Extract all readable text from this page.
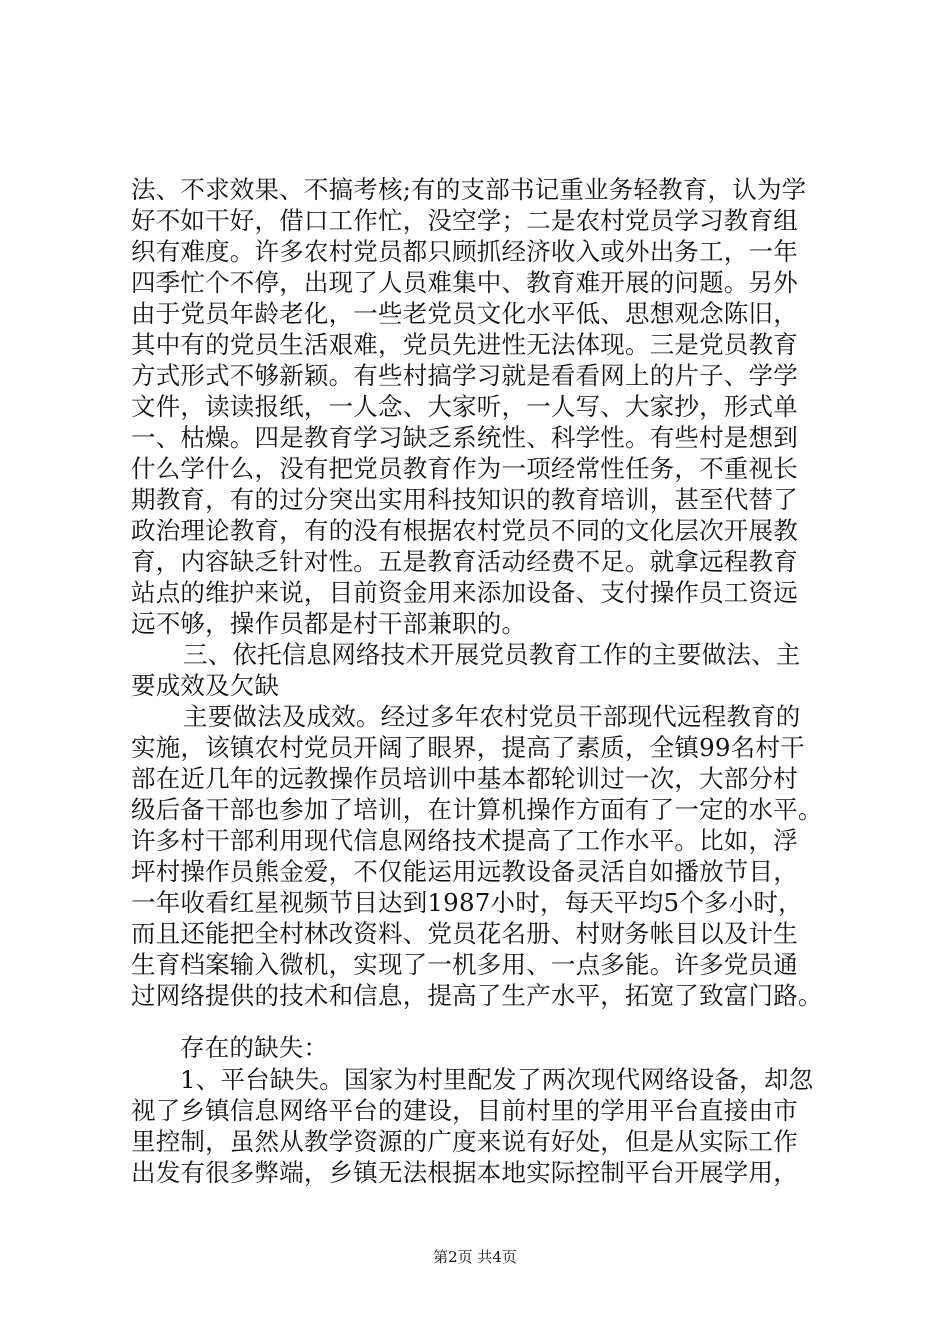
法、不求效果、不搞考核;有的支部书记重业务轻教育，认为学
好不如干好，借口工作忙，没空学；二是农村党员学习教育组
织有难度。许多农村党员都只顾抓经济收入或外出务工，一年
四季忙个不停，出现了人员难集中、教育难开展的问题。另外
由于党员年龄老化，一些老党员文化水平低、思想观念陈旧，
其中有的党员生活艰难，党员先进性无法体现。三是党员教育
方式形式不够新颖。有些村搞学习就是看看网上的片子、学学
文件，读读报纸，一人念、大家听，一人写、大家抄，形式单
一、枯燥。四是教育学习缺乏系统性、科学性。有些村是想到
什么学什么，没有把党员教育作为一项经常性任务，不重视长
期教育，有的过分突出实用科技知识的教育培训，甚至代替了
政治理论教育，有的没有根据农村党员不同的文化层次开展教
育，内容缺乏针对性。五是教育活动经费不足。就拿远程教育
站点的维护来说，目前资金用来添加设备、支付操作员工资远
远不够，操作员都是村干部兼职的。
三、依托信息网络技术开展党员教育工作的主要做法、主
要成效及欠缺
主要做法及成效。经过多年农村党员干部现代远程教育的
实施，该镇农村党员开阔了眼界，提高了素质，全镇99名村干
部在近几年的远教操作员培训中基本都轮训过一次，大部分村
级后备干部也参加了培训，在计算机操作方面有了一定的水平。
许多村干部利用现代信息网络技术提高了工作水平。比如，浮
坪村操作员熊金爱，不仅能运用远教设备灵活自如播放节目，
一年收看红星视频节目达到1987小时，每天平均5个多小时，
而且还能把全村林改资料、党员花名册、村财务帐目以及计生
生育档案输入微机，实现了一机多用、一点多能。许多党员通
过网络提供的技术和信息，提高了生产水平，拓宽了致富门路。
存在的缺失：
1、平台缺失。国家为村里配发了两次现代网络设备，却忽
视了乡镇信息网络平台的建设，目前村里的学用平台直接由市
里控制，虽然从教学资源的广度来说有好处，但是从实际工作
出发有很多弊端，乡镇无法根据本地实际控制平台开展学用，
第2页 共4页
